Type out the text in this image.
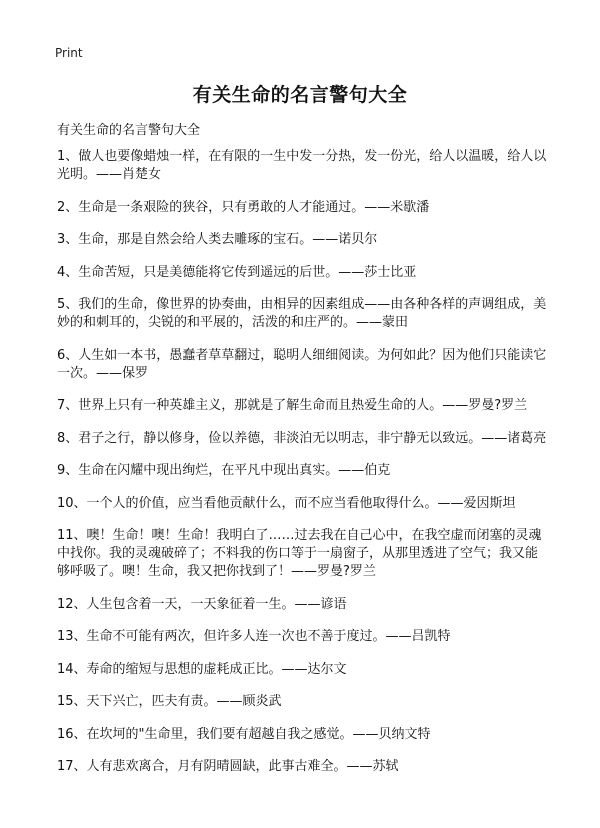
Print
有关生命的名言警句大全
有关生命的名言警句大全
1、做人也要像蜡烛一样，在有限的一生中发一分热，发一份光，给人以温暖，给人以光明。——肖楚女
2、生命是一条艰险的狭谷，只有勇敢的人才能通过。——米歇潘
3、生命，那是自然会给人类去雕琢的宝石。——诺贝尔
4、生命苦短，只是美德能将它传到遥远的后世。——莎士比亚
5、我们的生命，像世界的协奏曲，由相异的因素组成——由各种各样的声调组成，美妙的和刺耳的，尖锐的和平展的，活泼的和庄严的。——蒙田
6、人生如一本书，愚蠢者草草翻过，聪明人细细阅读。为何如此？因为他们只能读它一次。——保罗
7、世界上只有一种英雄主义，那就是了解生命而且热爱生命的人。——罗曼?罗兰
8、君子之行，静以修身，俭以养德，非淡泊无以明志，非宁静无以致远。——诸葛亮
9、生命在闪耀中现出绚烂，在平凡中现出真实。——伯克
10、一个人的价值，应当看他贡献什么，而不应当看他取得什么。——爱因斯坦
11、噢！生命！噢！生命！我明白了……过去我在自己心中，在我空虚而闭塞的灵魂中找你。我的灵魂破碎了；不料我的伤口等于一扇窗子，从那里透进了空气；我又能够呼吸了。噢！生命，我又把你找到了！——罗曼?罗兰
12、人生包含着一天，一天象征着一生。——谚语
13、生命不可能有两次，但许多人连一次也不善于度过。——吕凯特
14、寿命的缩短与思想的虚耗成正比。——达尔文
15、天下兴亡，匹夫有责。——顾炎武
16、在坎坷的"生命里，我们要有超越自我之感觉。——贝纳文特
17、人有悲欢离合，月有阴晴圆缺，此事古难全。——苏轼
